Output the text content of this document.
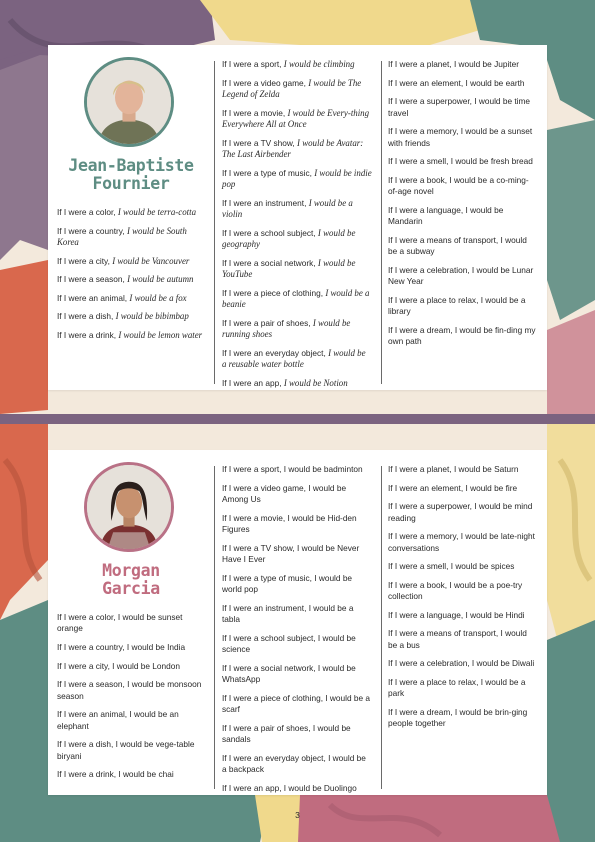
Jean-Baptiste
Fournier
If I were a color, I would be terra-cotta
If I were a country, I would be South Korea
If I were a city, I would be Vancouver
If I were a season, I would be autumn
If I were an animal, I would be a fox
If I were a dish, I would be bibimbap
If I were a drink, I would be lemon water
If I were a sport, I would be climbing
If I were a video game, I would be The Legend of Zelda
If I were a movie, I would be Every-thing Everywhere All at Once
If I were a TV show, I would be Avatar: The Last Airbender
If I were a type of music, I would be indie pop
If I were an instrument, I would be a violin
If I were a school subject, I would be geography
If I were a social network, I would be YouTube
If I were a piece of clothing, I would be a beanie
If I were a pair of shoes, I would be running shoes
If I were an everyday object, I would be a reusable water bottle
If I were an app, I would be Notion
If I were a planet, I would be Jupiter
If I were an element, I would be earth
If I were a superpower, I would be time travel
If I were a memory, I would be a sunset with friends
If I were a smell, I would be fresh bread
If I were a book, I would be a co-ming-of-age novel
If I were a language, I would be Mandarin
If I were a means of transport, I would be a subway
If I were a celebration, I would be Lunar New Year
If I were a place to relax, I would be a library
If I were a dream, I would be fin-ding my own path
Morgan
Garcia
If I were a color, I would be sunset orange
If I were a country, I would be India
If I were a city, I would be London
If I were a season, I would be monsoon season
If I were an animal, I would be an elephant
If I were a dish, I would be vege-table biryani
If I were a drink, I would be chai
If I were a sport, I would be badminton
If I were a video game, I would be Among Us
If I were a movie, I would be Hid-den Figures
If I were a TV show, I would be Never Have I Ever
If I were a type of music, I would be world pop
If I were an instrument, I would be a tabla
If I were a school subject, I would be science
If I were a social network, I would be WhatsApp
If I were a piece of clothing, I would be a scarf
If I were a pair of shoes, I would be sandals
If I were an everyday object, I would be a backpack
If I were an app, I would be Duolingo
If I were a planet, I would be Saturn
If I were an element, I would be fire
If I were a superpower, I would be mind reading
If I were a memory, I would be late-night conversations
If I were a smell, I would be spices
If I were a book, I would be a poe-try collection
If I were a language, I would be Hindi
If I were a means of transport, I would be a bus
If I were a celebration, I would be Diwali
If I were a place to relax, I would be a park
If I were a dream, I would be brin-ging people together
3
